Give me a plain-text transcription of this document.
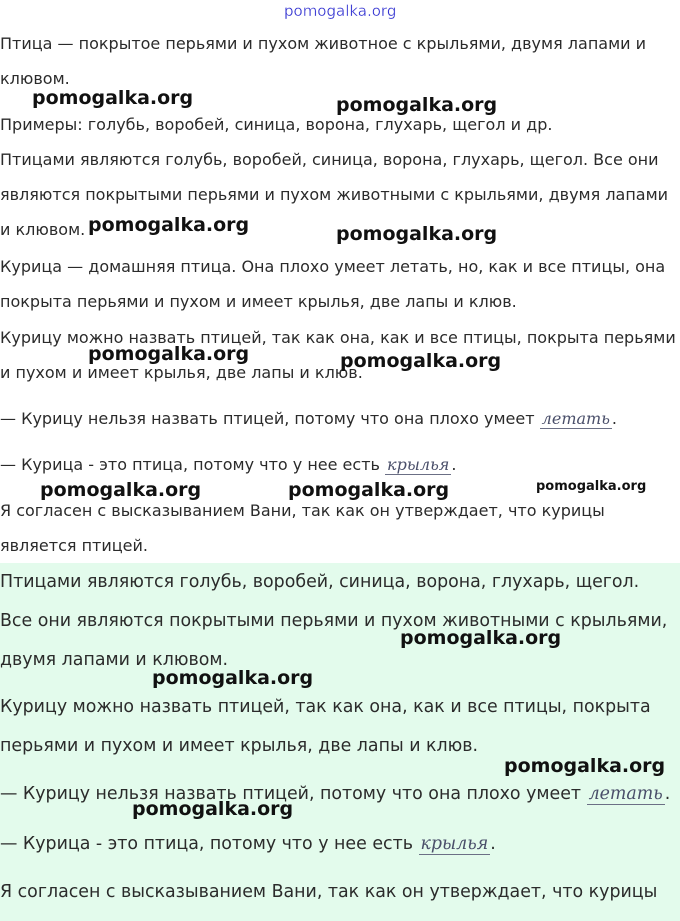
pomogalka.org

Птица — покрытое перьями и пухом животное с крыльями, двумя лапами и клювом.

Примеры: голубь, воробей, синица, ворона, глухарь, щегол и др.

Птицами являются голубь, воробей, синица, ворона, глухарь, щегол. Все они являются покрытыми перьями и пухом животными с крыльями, двумя лапами и клювом.

Курица — домашняя птица. Она плохо умеет летать, но, как и все птицы, она покрыта перьями и пухом и имеет крылья, две лапы и клюв.

Курицу можно назвать птицей, так как она, как и все птицы, покрыта перьями и пухом и имеет крылья, две лапы и клюв.

— Курицу нельзя назвать птицей, потому что она плохо умеет летать .

— Курица - это птица, потому что у нее есть крылья .

Я согласен с высказыванием Вани, так как он утверждает, что курицы является птицей.

Птицами являются голубь, воробей, синица, ворона, глухарь, щегол. Все они являются покрытыми перьями и пухом животными с крыльями, двумя лапами и клювом.

Курицу можно назвать птицей, так как она, как и все птицы, покрыта перьями и пухом и имеет крылья, две лапы и клюв.

— Курицу нельзя назвать птицей, потому что она плохо умеет летать .

— Курица - это птица, потому что у нее есть крылья .

Я согласен с высказыванием Вани, так как он утверждает, что курицы

pomogalka.org	pomogalka.org
pomogalka.org	pomogalka.org
pomogalka.org	pomogalka.org
pomogalka.org	pomogalka.org	pomogalka.org
pomogalka.org
pomogalka.org
pomogalka.org
pomogalka.org
